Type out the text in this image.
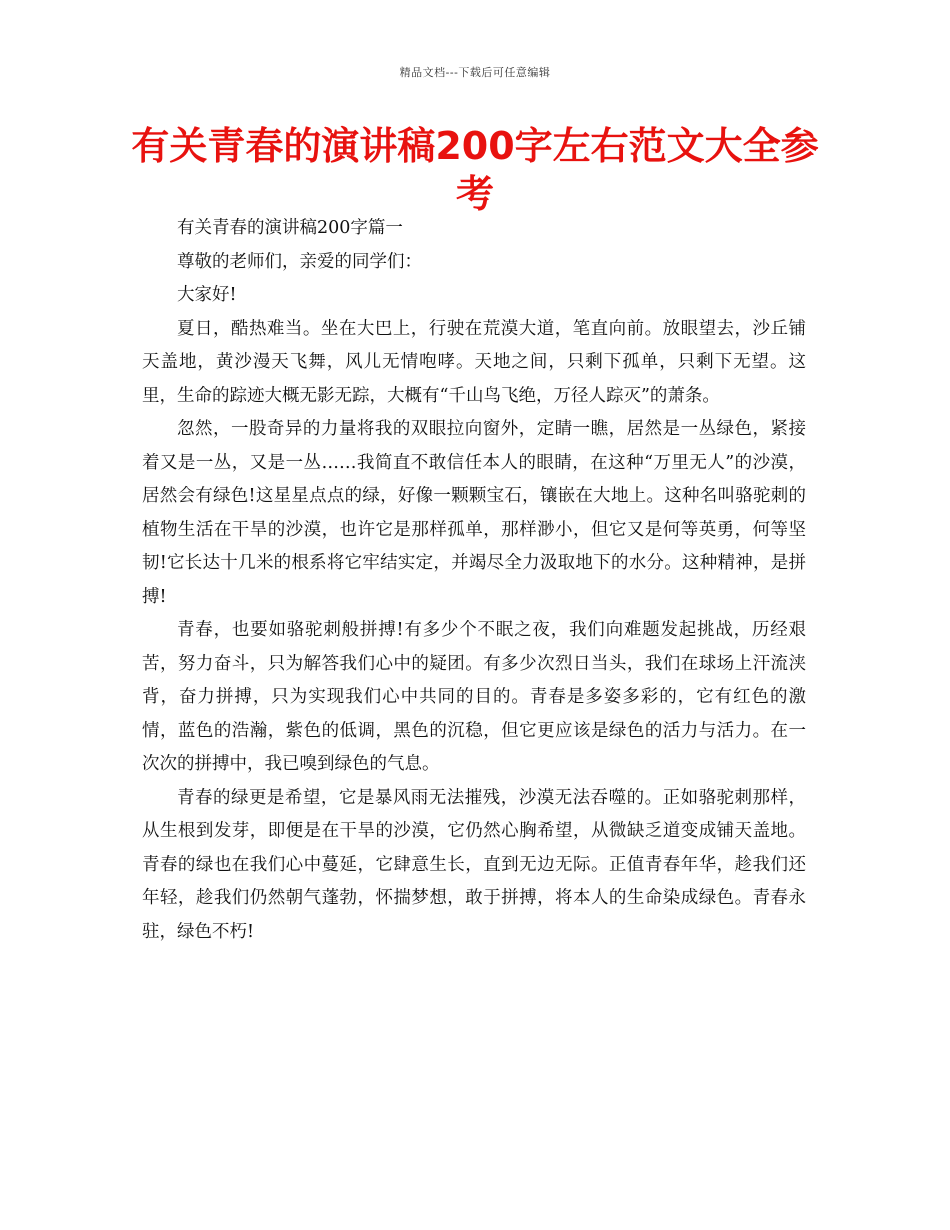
精品文档---下载后可任意编辑
有关青春的演讲稿200字左右范文大全参考

有关青春的演讲稿200字篇一

尊敬的老师们，亲爱的同学们：

大家好!

夏日，酷热难当。坐在大巴上，行驶在荒漠大道，笔直向前。放眼望去，沙丘铺天盖地，黄沙漫天飞舞，风儿无情咆哮。天地之间，只剩下孤单，只剩下无望。这里，生命的踪迹大概无影无踪，大概有“千山鸟飞绝，万径人踪灭”的萧条。

忽然，一股奇异的力量将我的双眼拉向窗外，定睛一瞧，居然是一丛绿色，紧接着又是一丛，又是一丛……我简直不敢信任本人的眼睛，在这种“万里无人”的沙漠，居然会有绿色!这星星点点的绿，好像一颗颗宝石，镶嵌在大地上。这种名叫骆驼刺的植物生活在干旱的沙漠，也许它是那样孤单，那样渺小，但它又是何等英勇，何等坚韧!它长达十几米的根系将它牢结实定，并竭尽全力汲取地下的水分。这种精神，是拼搏!

青春，也要如骆驼刺般拼搏!有多少个不眠之夜，我们向难题发起挑战，历经艰苦，努力奋斗，只为解答我们心中的疑团。有多少次烈日当头，我们在球场上汗流浃背，奋力拼搏，只为实现我们心中共同的目的。青春是多姿多彩的，它有红色的激情，蓝色的浩瀚，紫色的低调，黑色的沉稳，但它更应该是绿色的活力与活力。在一次次的拼搏中，我已嗅到绿色的气息。

青春的绿更是希望，它是暴风雨无法摧残，沙漠无法吞噬的。正如骆驼刺那样，从生根到发芽，即便是在干旱的沙漠，它仍然心胸希望，从微缺乏道变成铺天盖地。青春的绿也在我们心中蔓延，它肆意生长，直到无边无际。正值青春年华，趁我们还年轻，趁我们仍然朝气蓬勃，怀揣梦想，敢于拼搏，将本人的生命染成绿色。青春永驻，绿色不朽!
